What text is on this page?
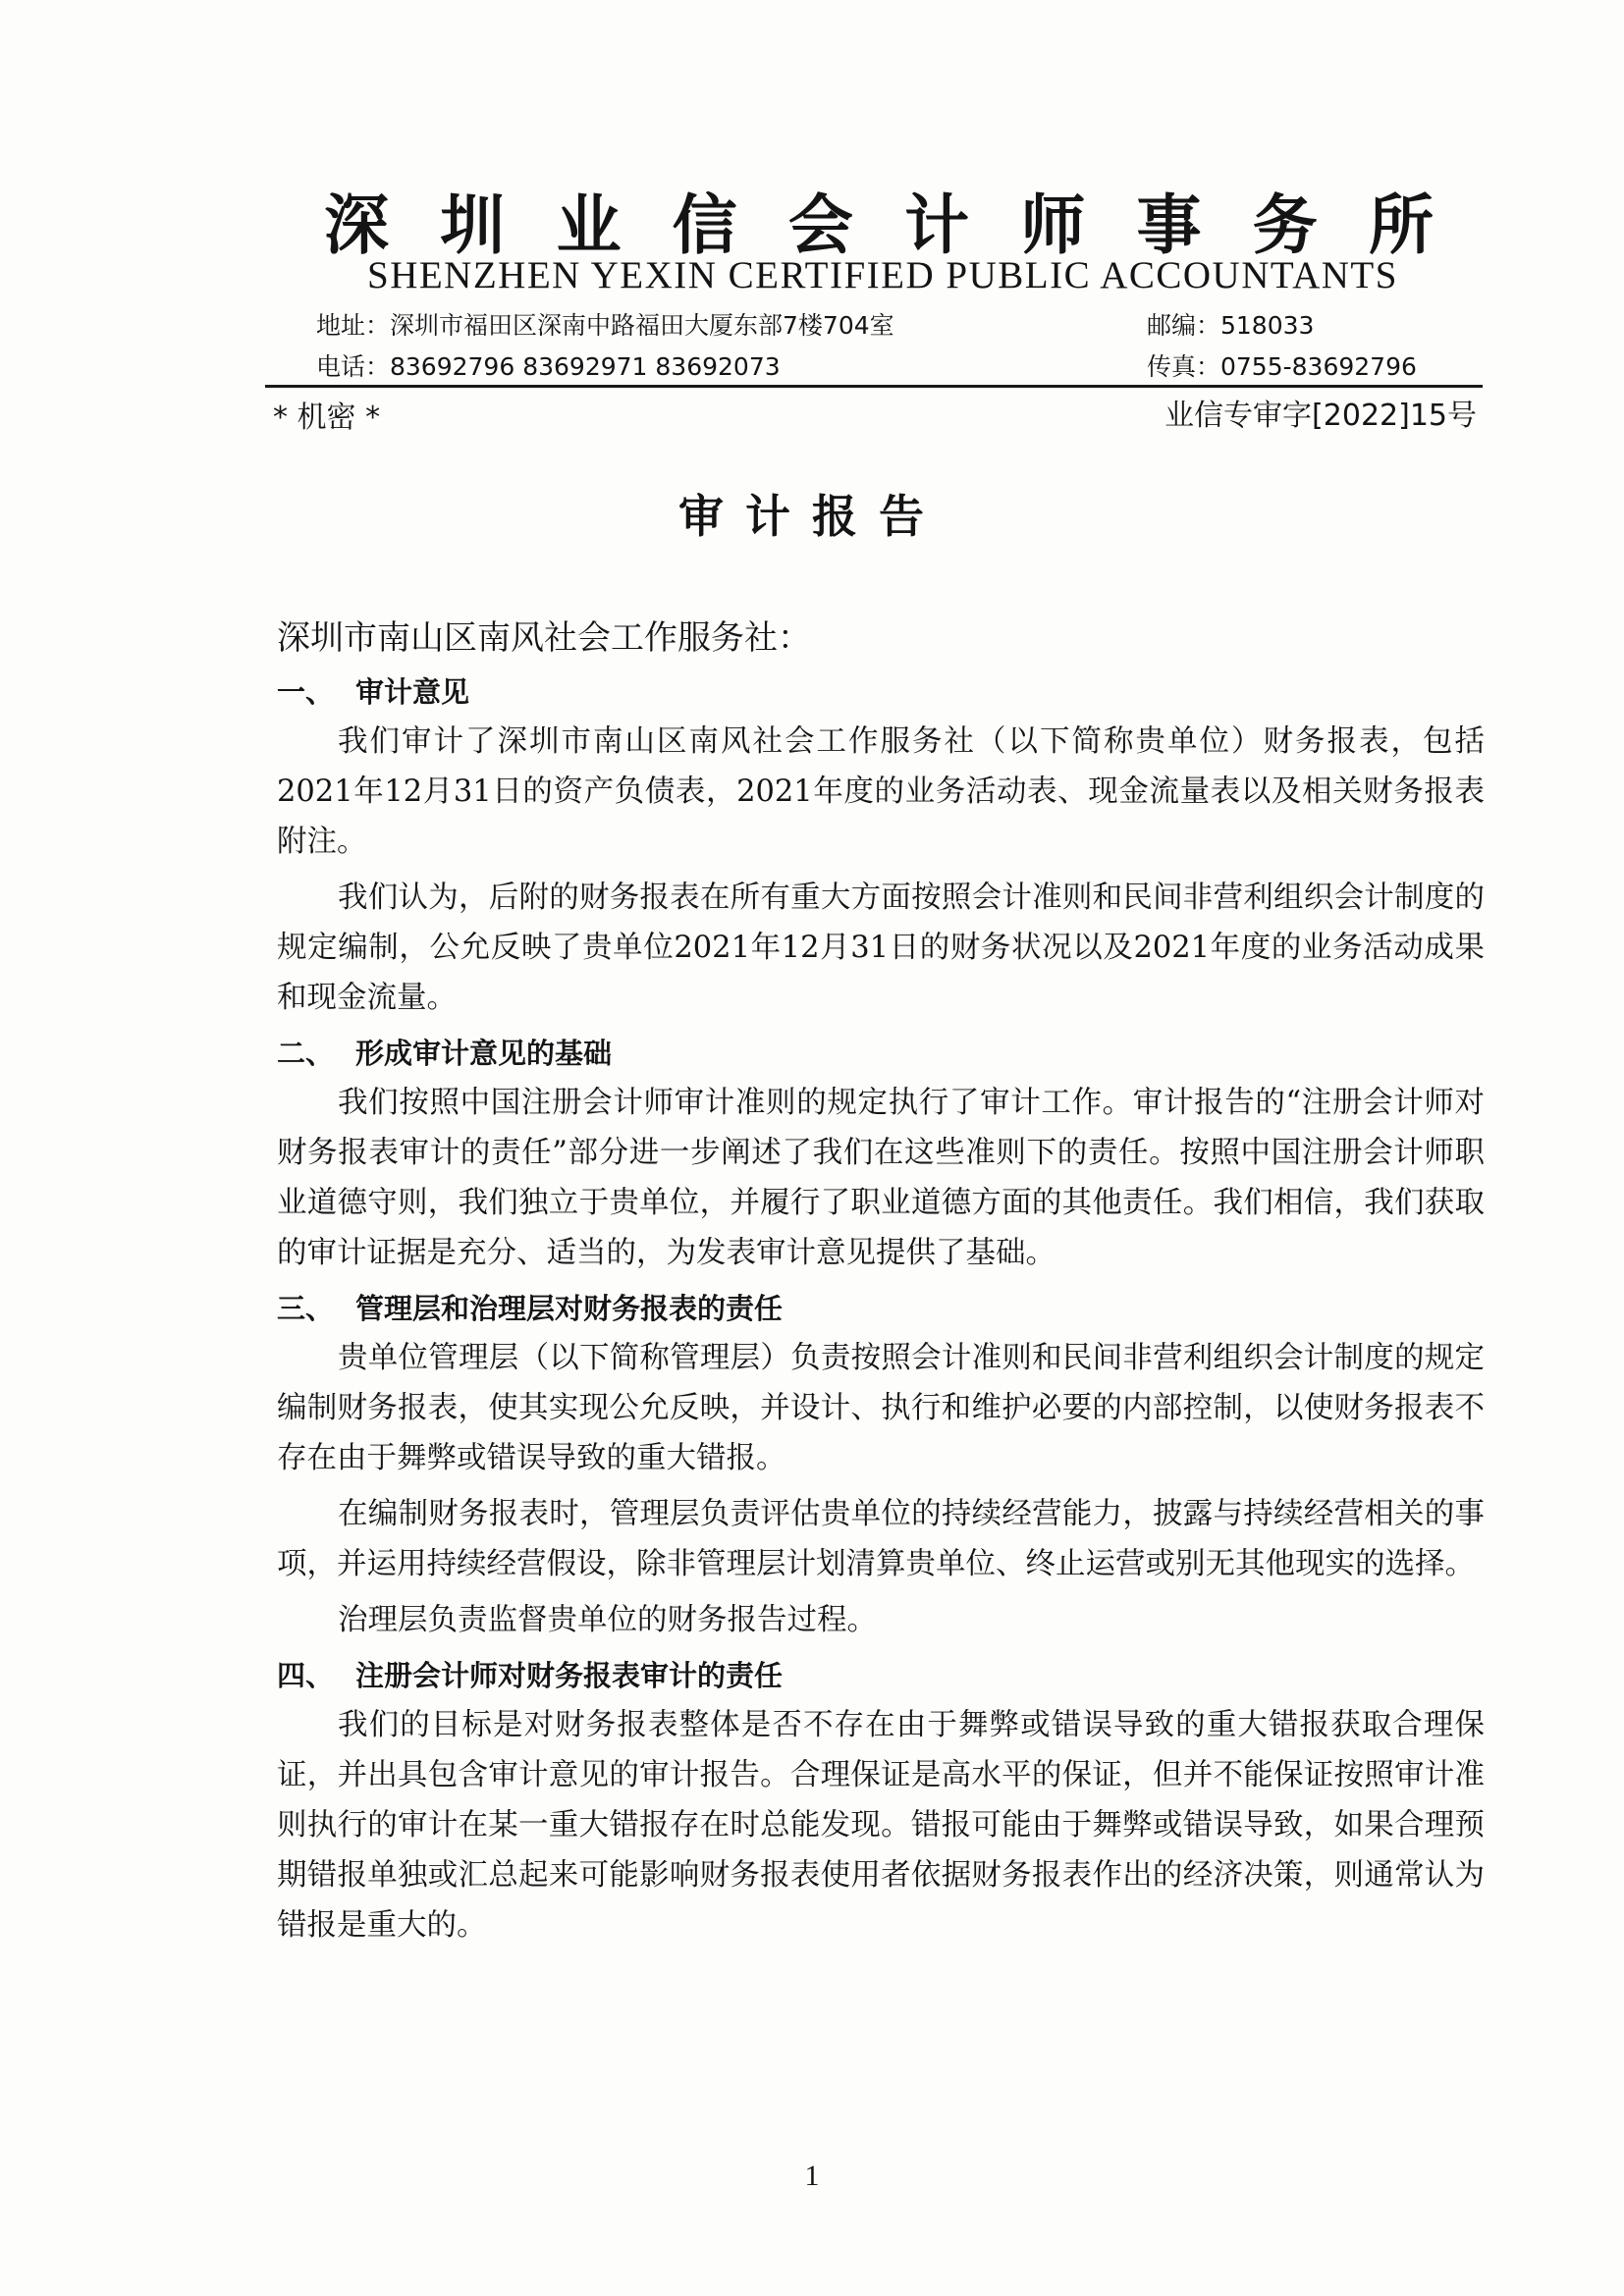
深 圳 业 信 会 计 师 事 务 所
SHENZHEN YEXIN CERTIFIED PUBLIC ACCOUNTANTS
地址：深圳市福田区深南中路福田大厦东部7楼704室	邮编：518033
电话：83692796 83692971 83692073	传真：0755-83692796
* 机密 *	业信专审字[2022]15号
审计报告
深圳市南山区南风社会工作服务社：
一、 审计意见

我们审计了深圳市南山区南风社会工作服务社（以下简称贵单位）财务报表，包括2021年12月31日的资产负债表，2021年度的业务活动表、现金流量表以及相关财务报表附注。

我们认为，后附的财务报表在所有重大方面按照会计准则和民间非营利组织会计制度的规定编制，公允反映了贵单位2021年12月31日的财务状况以及2021年度的业务活动成果和现金流量。

二、 形成审计意见的基础

我们按照中国注册会计师审计准则的规定执行了审计工作。审计报告的“注册会计师对财务报表审计的责任”部分进一步阐述了我们在这些准则下的责任。按照中国注册会计师职业道德守则，我们独立于贵单位，并履行了职业道德方面的其他责任。我们相信，我们获取的审计证据是充分、适当的，为发表审计意见提供了基础。

三、 管理层和治理层对财务报表的责任

贵单位管理层（以下简称管理层）负责按照会计准则和民间非营利组织会计制度的规定编制财务报表，使其实现公允反映，并设计、执行和维护必要的内部控制，以使财务报表不存在由于舞弊或错误导致的重大错报。

在编制财务报表时，管理层负责评估贵单位的持续经营能力，披露与持续经营相关的事项，并运用持续经营假设，除非管理层计划清算贵单位、终止运营或别无其他现实的选择。

治理层负责监督贵单位的财务报告过程。

四、 注册会计师对财务报表审计的责任

我们的目标是对财务报表整体是否不存在由于舞弊或错误导致的重大错报获取合理保证，并出具包含审计意见的审计报告。合理保证是高水平的保证，但并不能保证按照审计准则执行的审计在某一重大错报存在时总能发现。错报可能由于舞弊或错误导致，如果合理预期错报单独或汇总起来可能影响财务报表使用者依据财务报表作出的经济决策，则通常认为错报是重大的。

1
